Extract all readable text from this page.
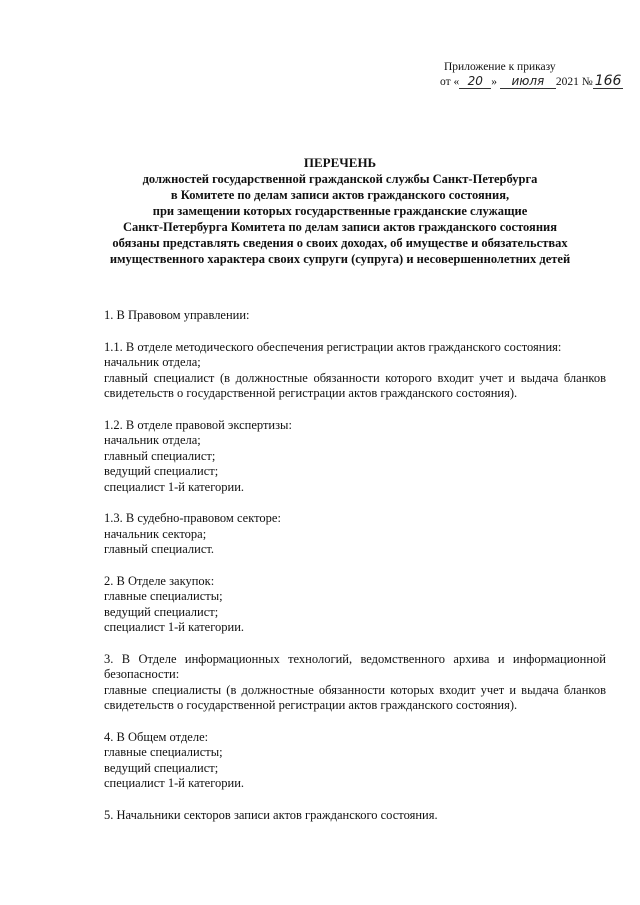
Приложение к приказу
от « 20 » июля 2021 № 166
ПЕРЕЧЕНЬ
должностей государственной гражданской службы Санкт-Петербурга
в Комитете по делам записи актов гражданского состояния,
при замещении которых государственные гражданские служащие
Санкт-Петербурга Комитета по делам записи актов гражданского состояния
обязаны представлять сведения о своих доходах, об имуществе и обязательствах
имущественного характера своих супруги (супруга) и несовершеннолетних детей

1. В Правовом управлении:

1.1. В отделе методического обеспечения регистрации актов гражданского состояния:

начальник отдела;

главный специалист (в должностные обязанности которого входит учет и выдача бланков свидетельств о государственной регистрации актов гражданского состояния).

1.2. В отделе правовой экспертизы:

начальник отдела;

главный специалист;

ведущий специалист;

специалист 1-й категории.

1.3. В судебно-правовом секторе:

начальник сектора;

главный специалист.

2. В Отделе закупок:

главные специалисты;

ведущий специалист;

специалист 1-й категории.

3. В Отделе информационных технологий, ведомственного архива и информационной безопасности:

главные специалисты (в должностные обязанности которых входит учет и выдача бланков свидетельств о государственной регистрации актов гражданского состояния).

4. В Общем отделе:

главные специалисты;

ведущий специалист;

специалист 1-й категории.

5. Начальники секторов записи актов гражданского состояния.
